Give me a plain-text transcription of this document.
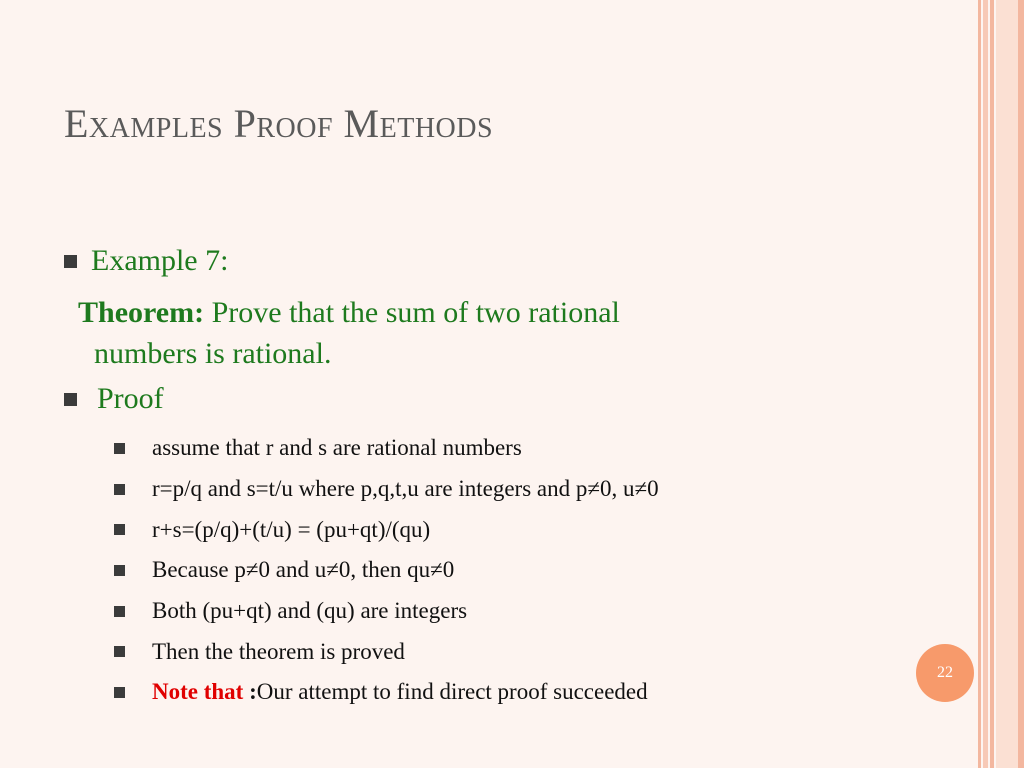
Examples Proof Methods
Example 7:
Theorem: Prove that the sum of two rational
numbers is rational.
Proof
assume that r and s are rational numbers
r=p/q and s=t/u where p,q,t,u are integers and p≠0, u≠0
r+s=(p/q)+(t/u) = (pu+qt)/(qu)
Because p≠0 and u≠0, then qu≠0
Both (pu+qt) and (qu) are integers
Then the theorem is proved
Note that :Our attempt to find direct proof succeeded
22
